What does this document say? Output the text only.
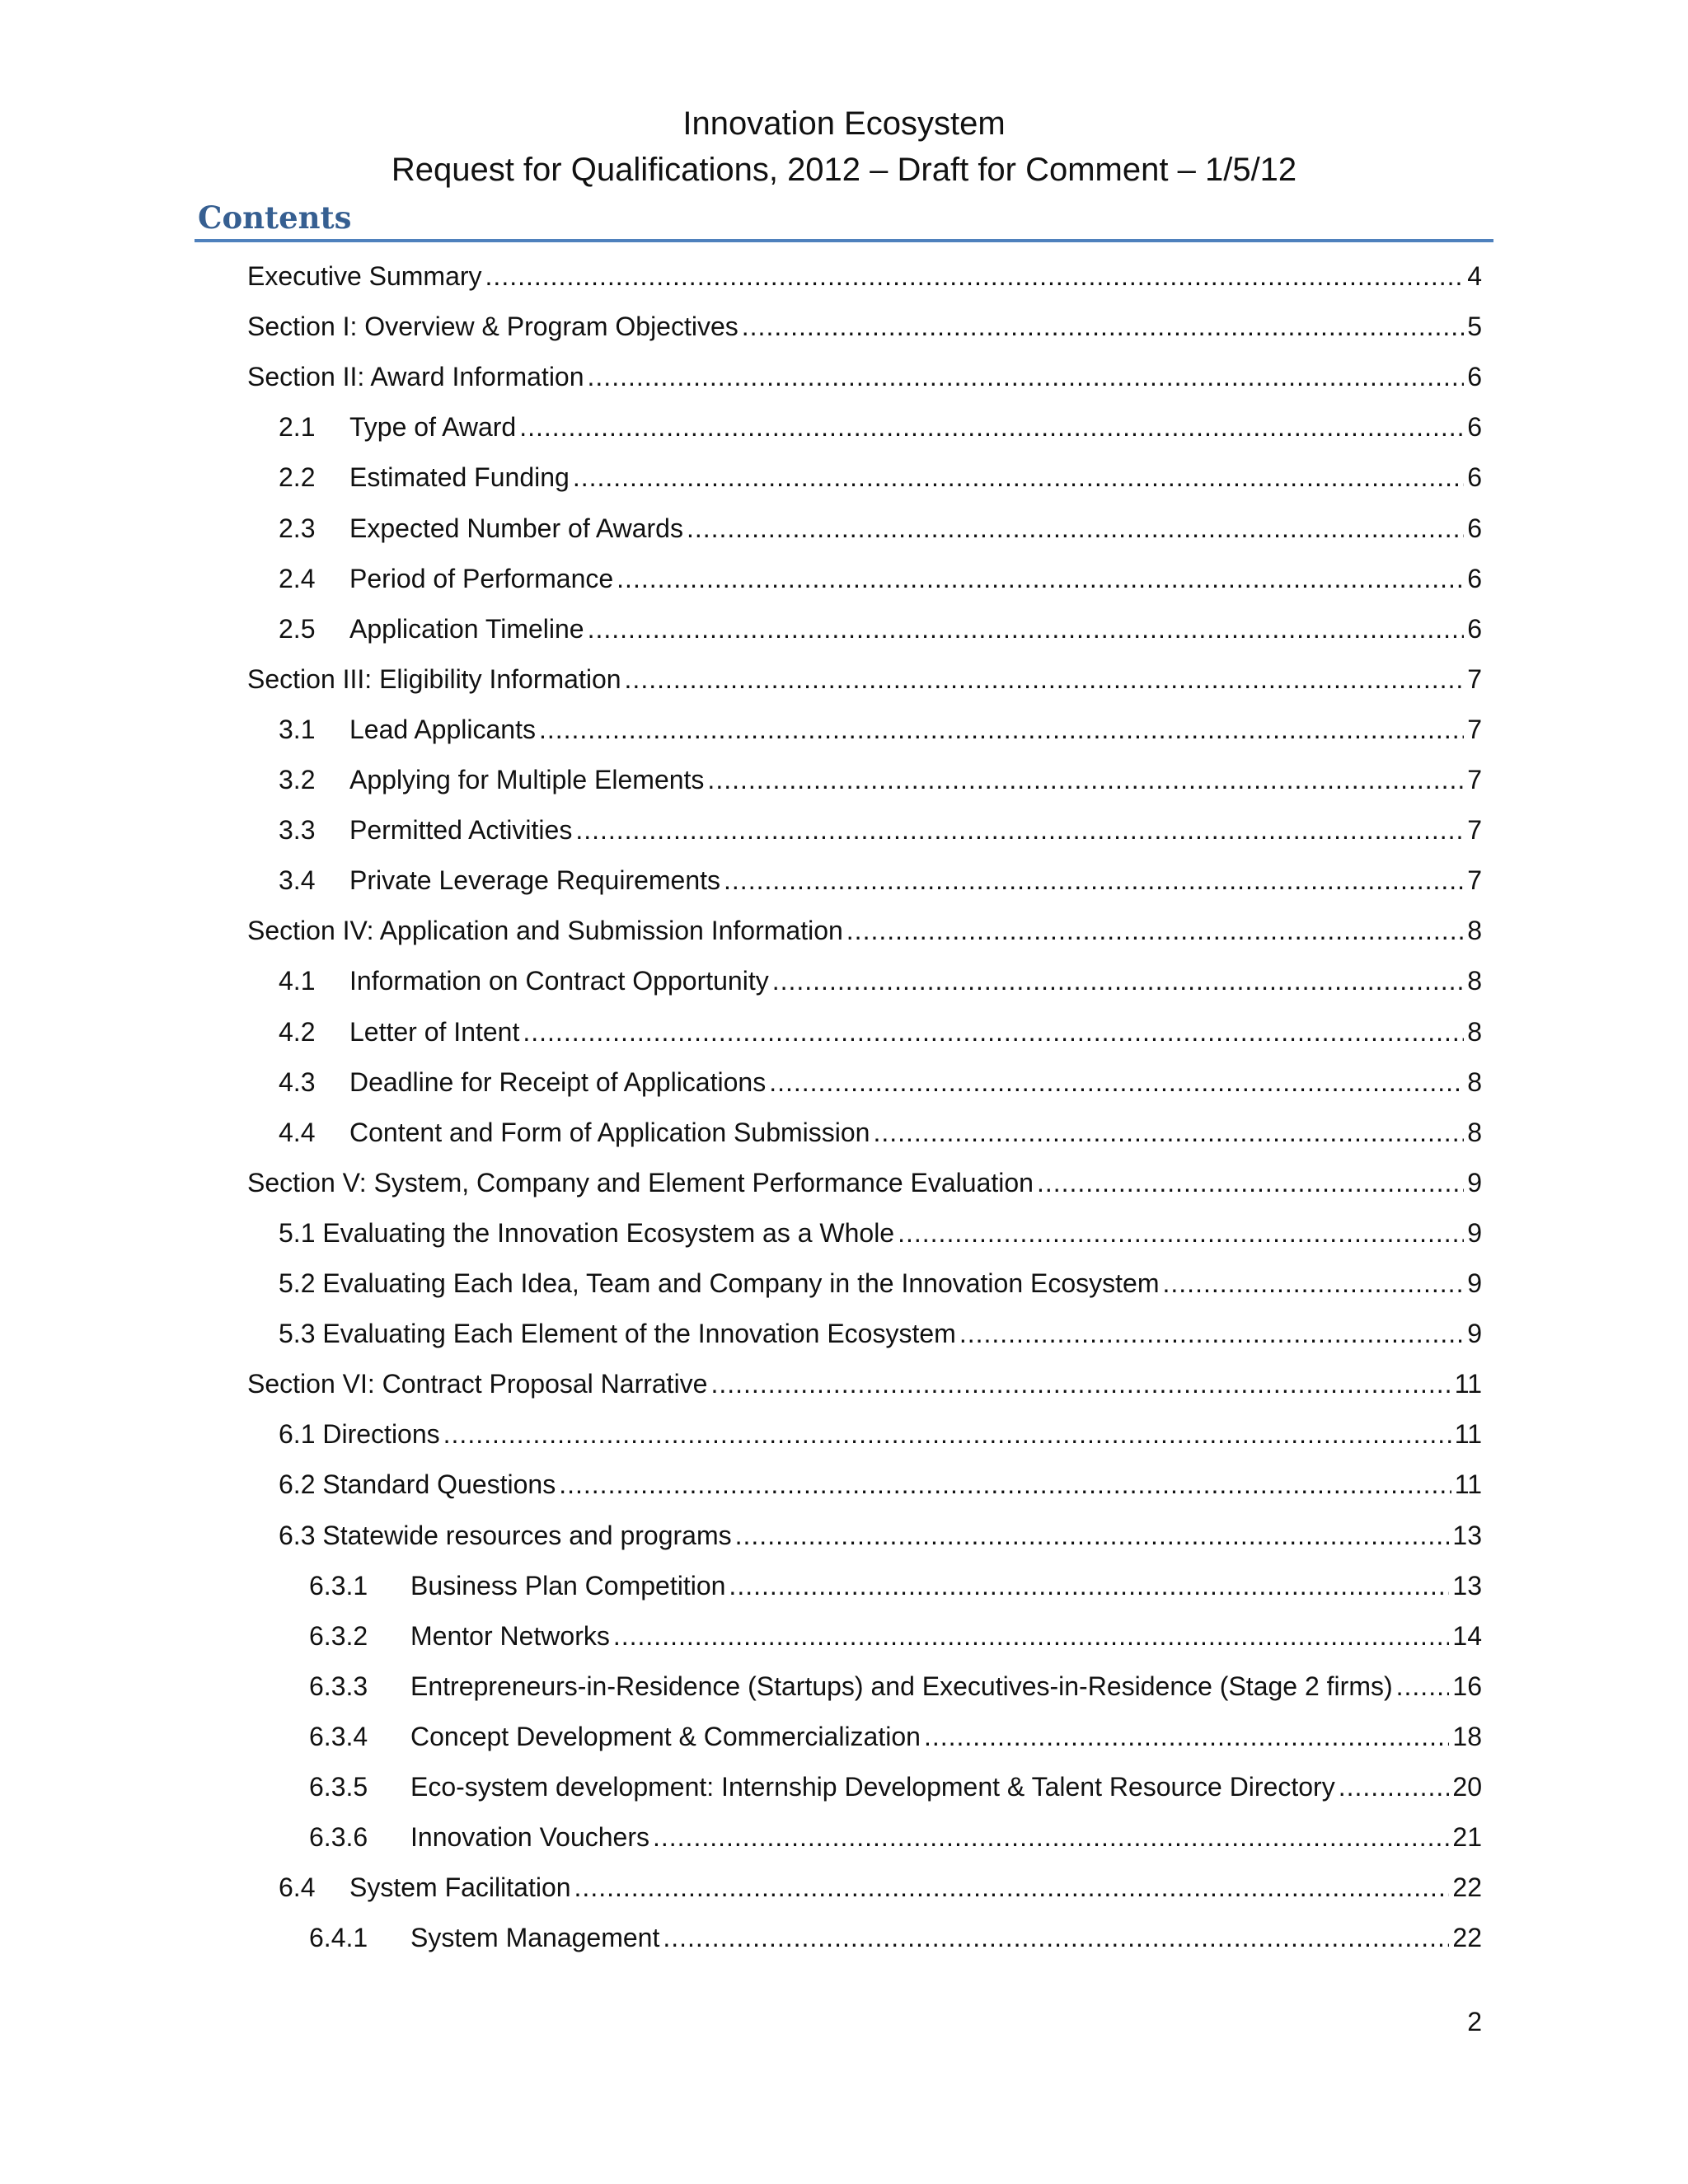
Innovation Ecosystem
Request for Qualifications, 2012 – Draft for Comment – 1/5/12
Contents
Executive Summary .....	4
Section I: Overview & Program Objectives .....	5
Section II: Award Information .....	6
2.1	Type of Award .....	6
2.2	Estimated Funding .....	6
2.3	Expected Number of Awards .....	6
2.4	Period of Performance .....	6
2.5	Application Timeline .....	6
Section III: Eligibility Information .....	7
3.1	Lead Applicants .....	7
3.2	Applying for Multiple Elements .....	7
3.3	Permitted Activities .....	7
3.4	Private Leverage Requirements .....	7
Section IV: Application and Submission Information .....	8
4.1	Information on Contract Opportunity .....	8
4.2	Letter of Intent .....	8
4.3	Deadline for Receipt of Applications .....	8
4.4	Content and Form of Application Submission .....	8
Section V: System, Company and Element Performance Evaluation .....	9
5.1 Evaluating the Innovation Ecosystem as a Whole .....	9
5.2 Evaluating Each Idea, Team and Company in the Innovation Ecosystem .....	9
5.3 Evaluating Each Element of the Innovation Ecosystem .....	9
Section VI: Contract Proposal Narrative .....	11
6.1 Directions .....	11
6.2 Standard Questions .....	11
6.3 Statewide resources and programs .....	13
6.3.1	Business Plan Competition .....	13
6.3.2	Mentor Networks .....	14
6.3.3	Entrepreneurs-in-Residence (Startups) and Executives-in-Residence (Stage 2 firms) ..... 16
6.3.4	Concept Development & Commercialization .....	18
6.3.5	Eco-system development: Internship Development & Talent Resource Directory .....	20
6.3.6	Innovation Vouchers .....	21
6.4	System Facilitation .....	22
6.4.1	System Management .....	22
2
